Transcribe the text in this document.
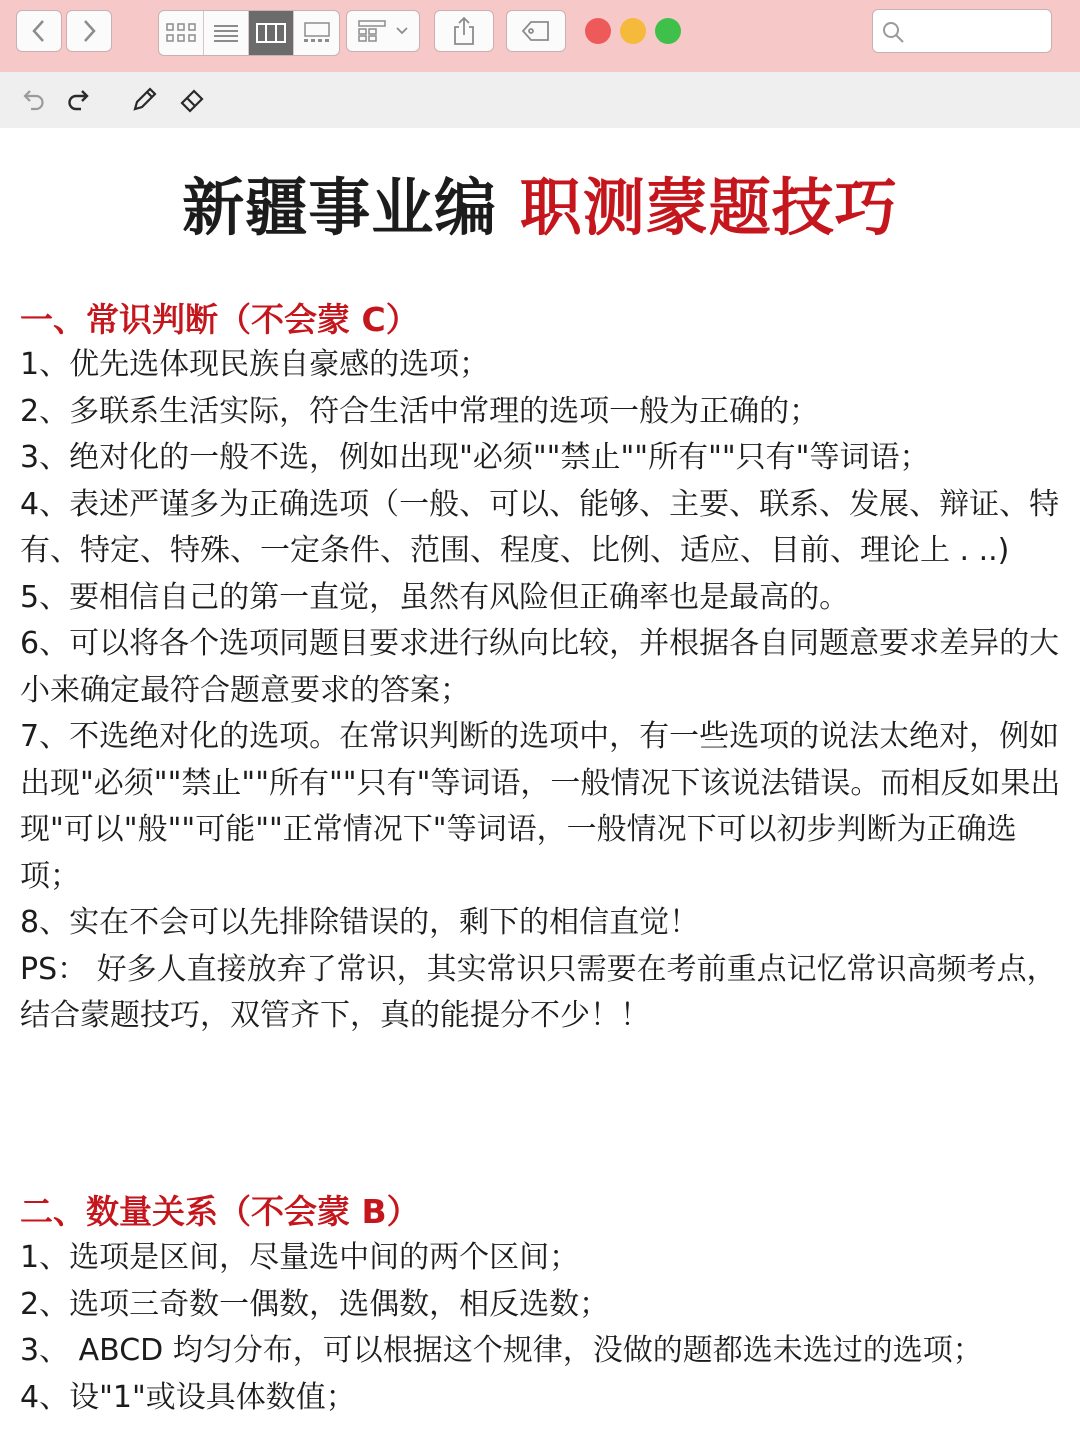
新疆事业编 职测蒙题技巧
一、常识判断（不会蒙 C）

1、优先选体现民族自豪感的选项；

2、多联系生活实际，符合生活中常理的选项一般为正确的；

3、绝对化的一般不选，例如出现"必须""禁止""所有""只有"等词语；

4、表述严谨多为正确选项（一般、可以、能够、主要、联系、发展、辩证、特有、特定、特殊、一定条件、范围、程度、比例、适应、目前、理论上 . ..)

5、要相信自己的第一直觉，虽然有风险但正确率也是最高的。

6、可以将各个选项同题目要求进行纵向比较，并根据各自同题意要求差异的大小来确定最符合题意要求的答案；

7、不选绝对化的选项。在常识判断的选项中，有一些选项的说法太绝对，例如出现"必须""禁止""所有""只有"等词语，一般情况下该说法错误。而相反如果出现"可以"般""可能""正常情况下"等词语，一般情况下可以初步判断为正确选项；

8、实在不会可以先排除错误的，剩下的相信直觉！

PS： 好多人直接放弃了常识，其实常识只需要在考前重点记忆常识高频考点，结合蒙题技巧，双管齐下，真的能提分不少！！

二、数量关系（不会蒙 B）

1、选项是区间，尽量选中间的两个区间；

2、选项三奇数一偶数，选偶数，相反选数；

3、 ABCD 均匀分布，可以根据这个规律，没做的题都选未选过的选项；

4、设"1"或设具体数值；
